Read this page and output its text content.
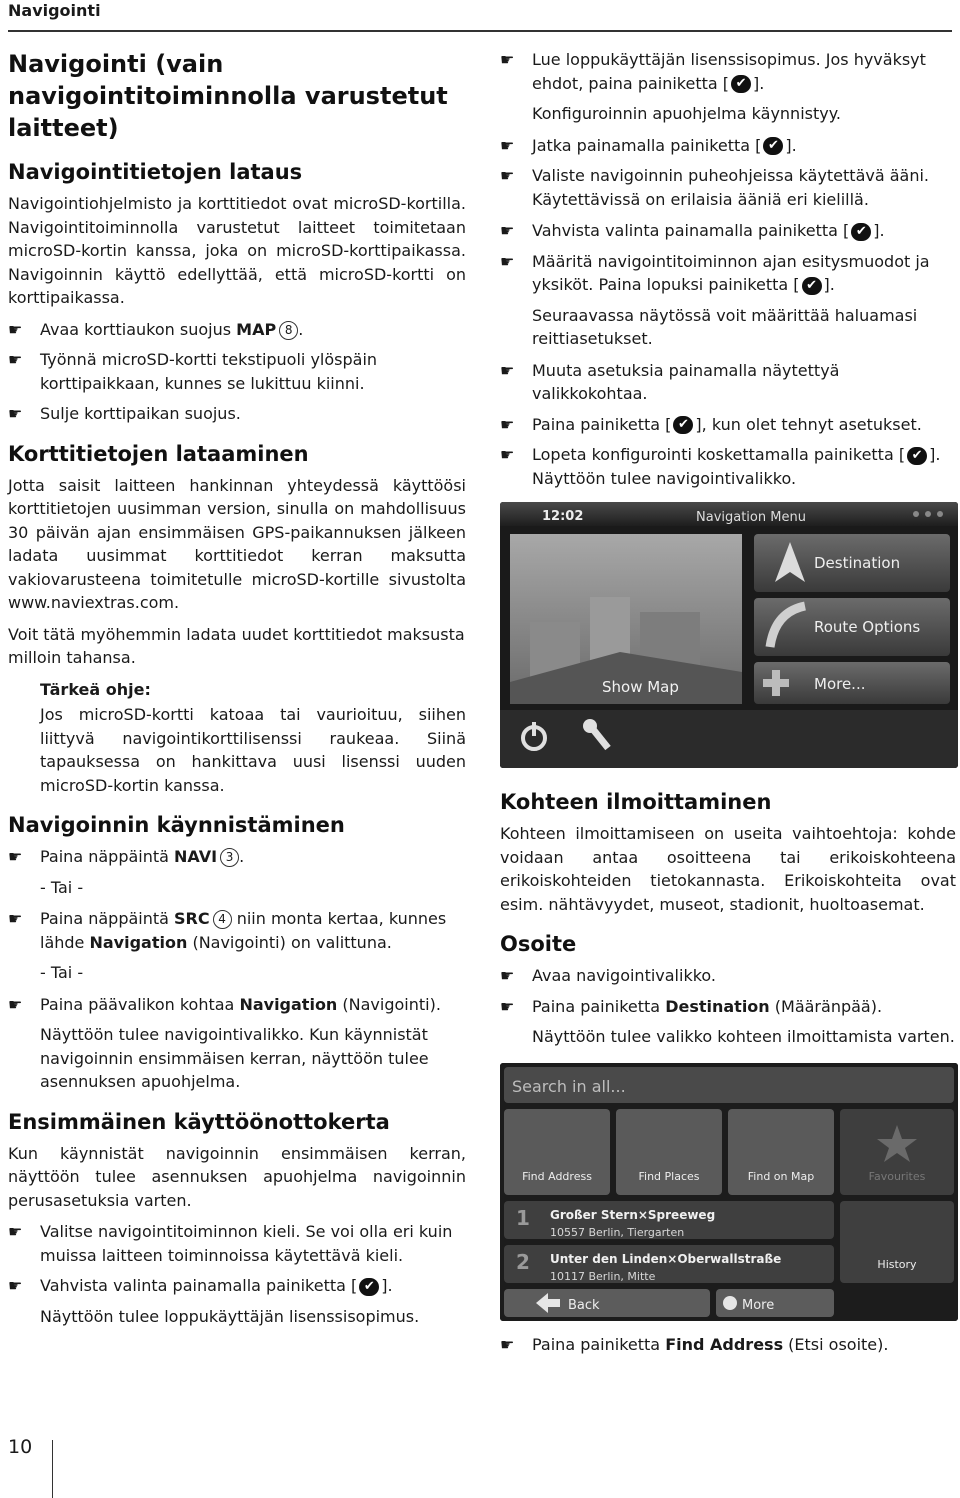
Navigointi
Navigointi (vain navigointitoiminnolla varustetut laitteet)
Navigointitietojen lataus

Navigointiohjelmisto ja korttitiedot ovat microSD-kortilla. Navigointitoiminnolla varustetut laitteet toimitetaan microSD-kortin kanssa, joka on microSD-korttipaikassa. Navigoinnin käyttö edellyttää, että microSD-kortti on korttipaikassa.

☛ Avaa korttiaukon suojus MAP 8 .
☛ Työnnä microSD-kortti tekstipuoli ylöspäin korttipaikkaan, kunnes se lukittuu kiinni.
☛ Sulje korttipaikan suojus.
Korttitietojen lataaminen

Jotta saisit laitteen hankinnan yhteydessä käyttöösi korttitietojen uusimman version, sinulla on mahdollisuus 30 päivän ajan ensimmäisen GPS-paikannuksen jälkeen ladata uusimmat korttitiedot kerran maksutta vakiovarusteena toimitetulle microSD-kortille sivustolta www.naviextras.com.

Voit tätä myöhemmin ladata uudet korttitiedot maksusta milloin tahansa.

Tärkeä ohje:
Jos microSD-kortti katoaa tai vaurioituu, siihen liittyvä navigointikorttilisenssi raukeaa. Siinä tapauksessa on hankittava uusi lisenssi uuden microSD-kortin kanssa.
Navigoinnin käynnistäminen
☛ Paina näppäintä NAVI 3 .
- Tai -
☛ Paina näppäintä SRC 4 niin monta kertaa, kunnes lähde Navigation (Navigointi) on valittuna.
- Tai -
☛ Paina päävalikon kohtaa Navigation (Navigointi).
Näyttöön tulee navigointivalikko. Kun käynnistät navigoinnin ensimmäisen kerran, näyttöön tulee asennuksen apuohjelma.
Ensimmäinen käyttöönottokerta

Kun käynnistät navigoinnin ensimmäisen kerran, näyttöön tulee asennuksen apuohjelma navigoinnin perusasetuksia varten.

☛ Valitse navigointitoiminnon kieli. Se voi olla eri kuin muissa laitteen toiminnoissa käytettävä kieli.
☛ Vahvista valinta painamalla painiketta [ ✔ ].
Näyttöön tulee loppukäyttäjän lisenssisopimus.
☛ Lue loppukäyttäjän lisenssisopimus. Jos hyväksyt ehdot, paina painiketta [ ✔ ].
Konfiguroinnin apuohjelma käynnistyy.
☛ Jatka painamalla painiketta [ ✔ ].
☛ Valiste navigoinnin puheohjeissa käytettävä ääni.
Käytettävissä on erilaisia ääniä eri kielillä.
☛ Vahvista valinta painamalla painiketta [ ✔ ].
☛ Määritä navigointitoiminnon ajan esitysmuodot ja yksiköt. Paina lopuksi painiketta [ ✔ ].
Seuraavassa näytössä voit määrittää haluamasi reittiasetukset.
☛ Muuta asetuksia painamalla näytettyä valikkokohtaa.
☛ Paina painiketta [ ✔ ], kun olet tehnyt asetukset.
☛ Lopeta konfigurointi koskettamalla painiketta [ ✔ ].
Näyttöön tulee navigointivalikko.
12:02	Navigation Menu
Destination
Route Options
Show Map	More...
Kohteen ilmoittaminen

Kohteen ilmoittamiseen on useita vaihtoehtoja: kohde voidaan antaa osoitteena tai erikoiskohteena erikoiskohteiden tietokannasta. Erikoiskohteita ovat esim. nähtävyydet, museot, stadionit, huoltoasemat.

Osoite
☛ Avaa navigointivalikko.
☛ Paina painiketta Destination (Määränpää).
Näyttöön tulee valikko kohteen ilmoittamista varten.
Search in all...
Find Address	Find Places	Find on Map	Favourites
1 Großer Stern×Spreeweg
10557 Berlin, Tiergarten
2 Unter den Linden×Oberwallstraße
10117 Berlin, Mitte
History
Back	More
☛ Paina painiketta Find Address (Etsi osoite).
10
